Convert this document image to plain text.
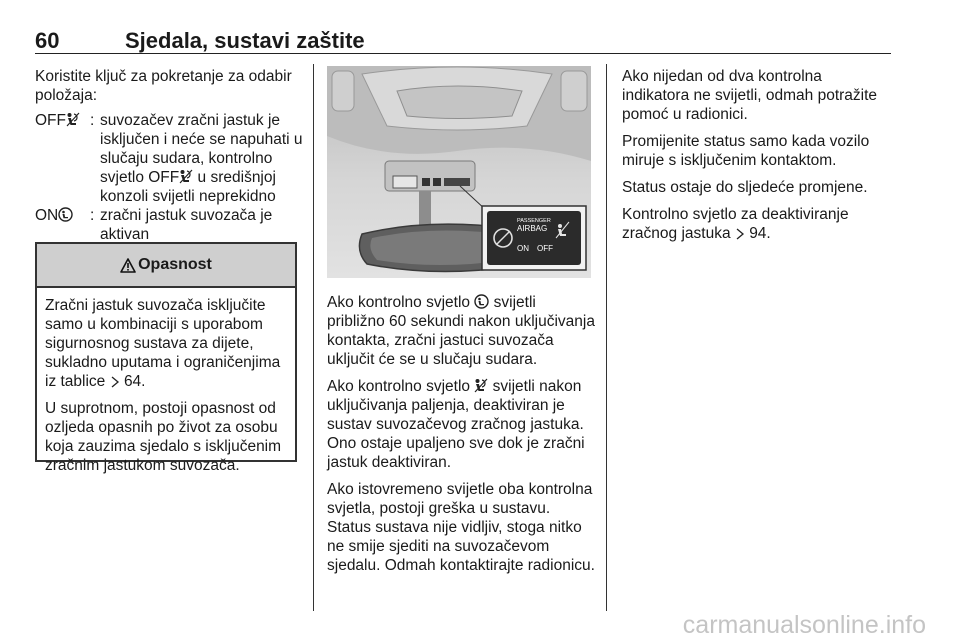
60	Sjedala, sustavi zaštite

Koristite ključ za pokretanje za odabir položaja:

OFF	: suvozačev zračni jastuk je isključen i neće se napuhati u slučaju sudara, kontrolno svjetlo OFF u središnjoj konzoli svijetli neprekidno
ON	: zračni jastuk suvozača je aktivan
Opasnost

Zračni jastuk suvozača isključite samo u kombinaciji s uporabom sigurnosnog sustava za dijete, sukladno uputama i ograničenjima iz tablice 64.

U suprotnom, postoji opasnost od ozljeda opasnih po život za osobu koja zauzima sjedalo s isključenim zračnim jastukom suvozača.

PASSENGER
AIRBAG
ON OFF

Ako kontrolno svjetlo svijetli približno 60 sekundi nakon uključivanja kontakta, zračni jastuci suvozača uključit će se u slučaju sudara.

Ako kontrolno svjetlo svijetli nakon uključivanja paljenja, deaktiviran je sustav suvozačevog zračnog jastuka. Ono ostaje upaljeno sve dok je zračni jastuk deaktiviran.

Ako istovremeno svijetle oba kontrolna svjetla, postoji greška u sustavu. Status sustava nije vidljiv, stoga nitko ne smije sjediti na suvozačevom sjedalu. Odmah kontaktirajte radionicu.

Ako nijedan od dva kontrolna indikatora ne svijetli, odmah potražite pomoć u radionici.

Promijenite status samo kada vozilo miruje s isključenim kontaktom.

Status ostaje do sljedeće promjene.

Kontrolno svjetlo za deaktiviranje zračnog jastuka 94.

carmanualsonline.info
